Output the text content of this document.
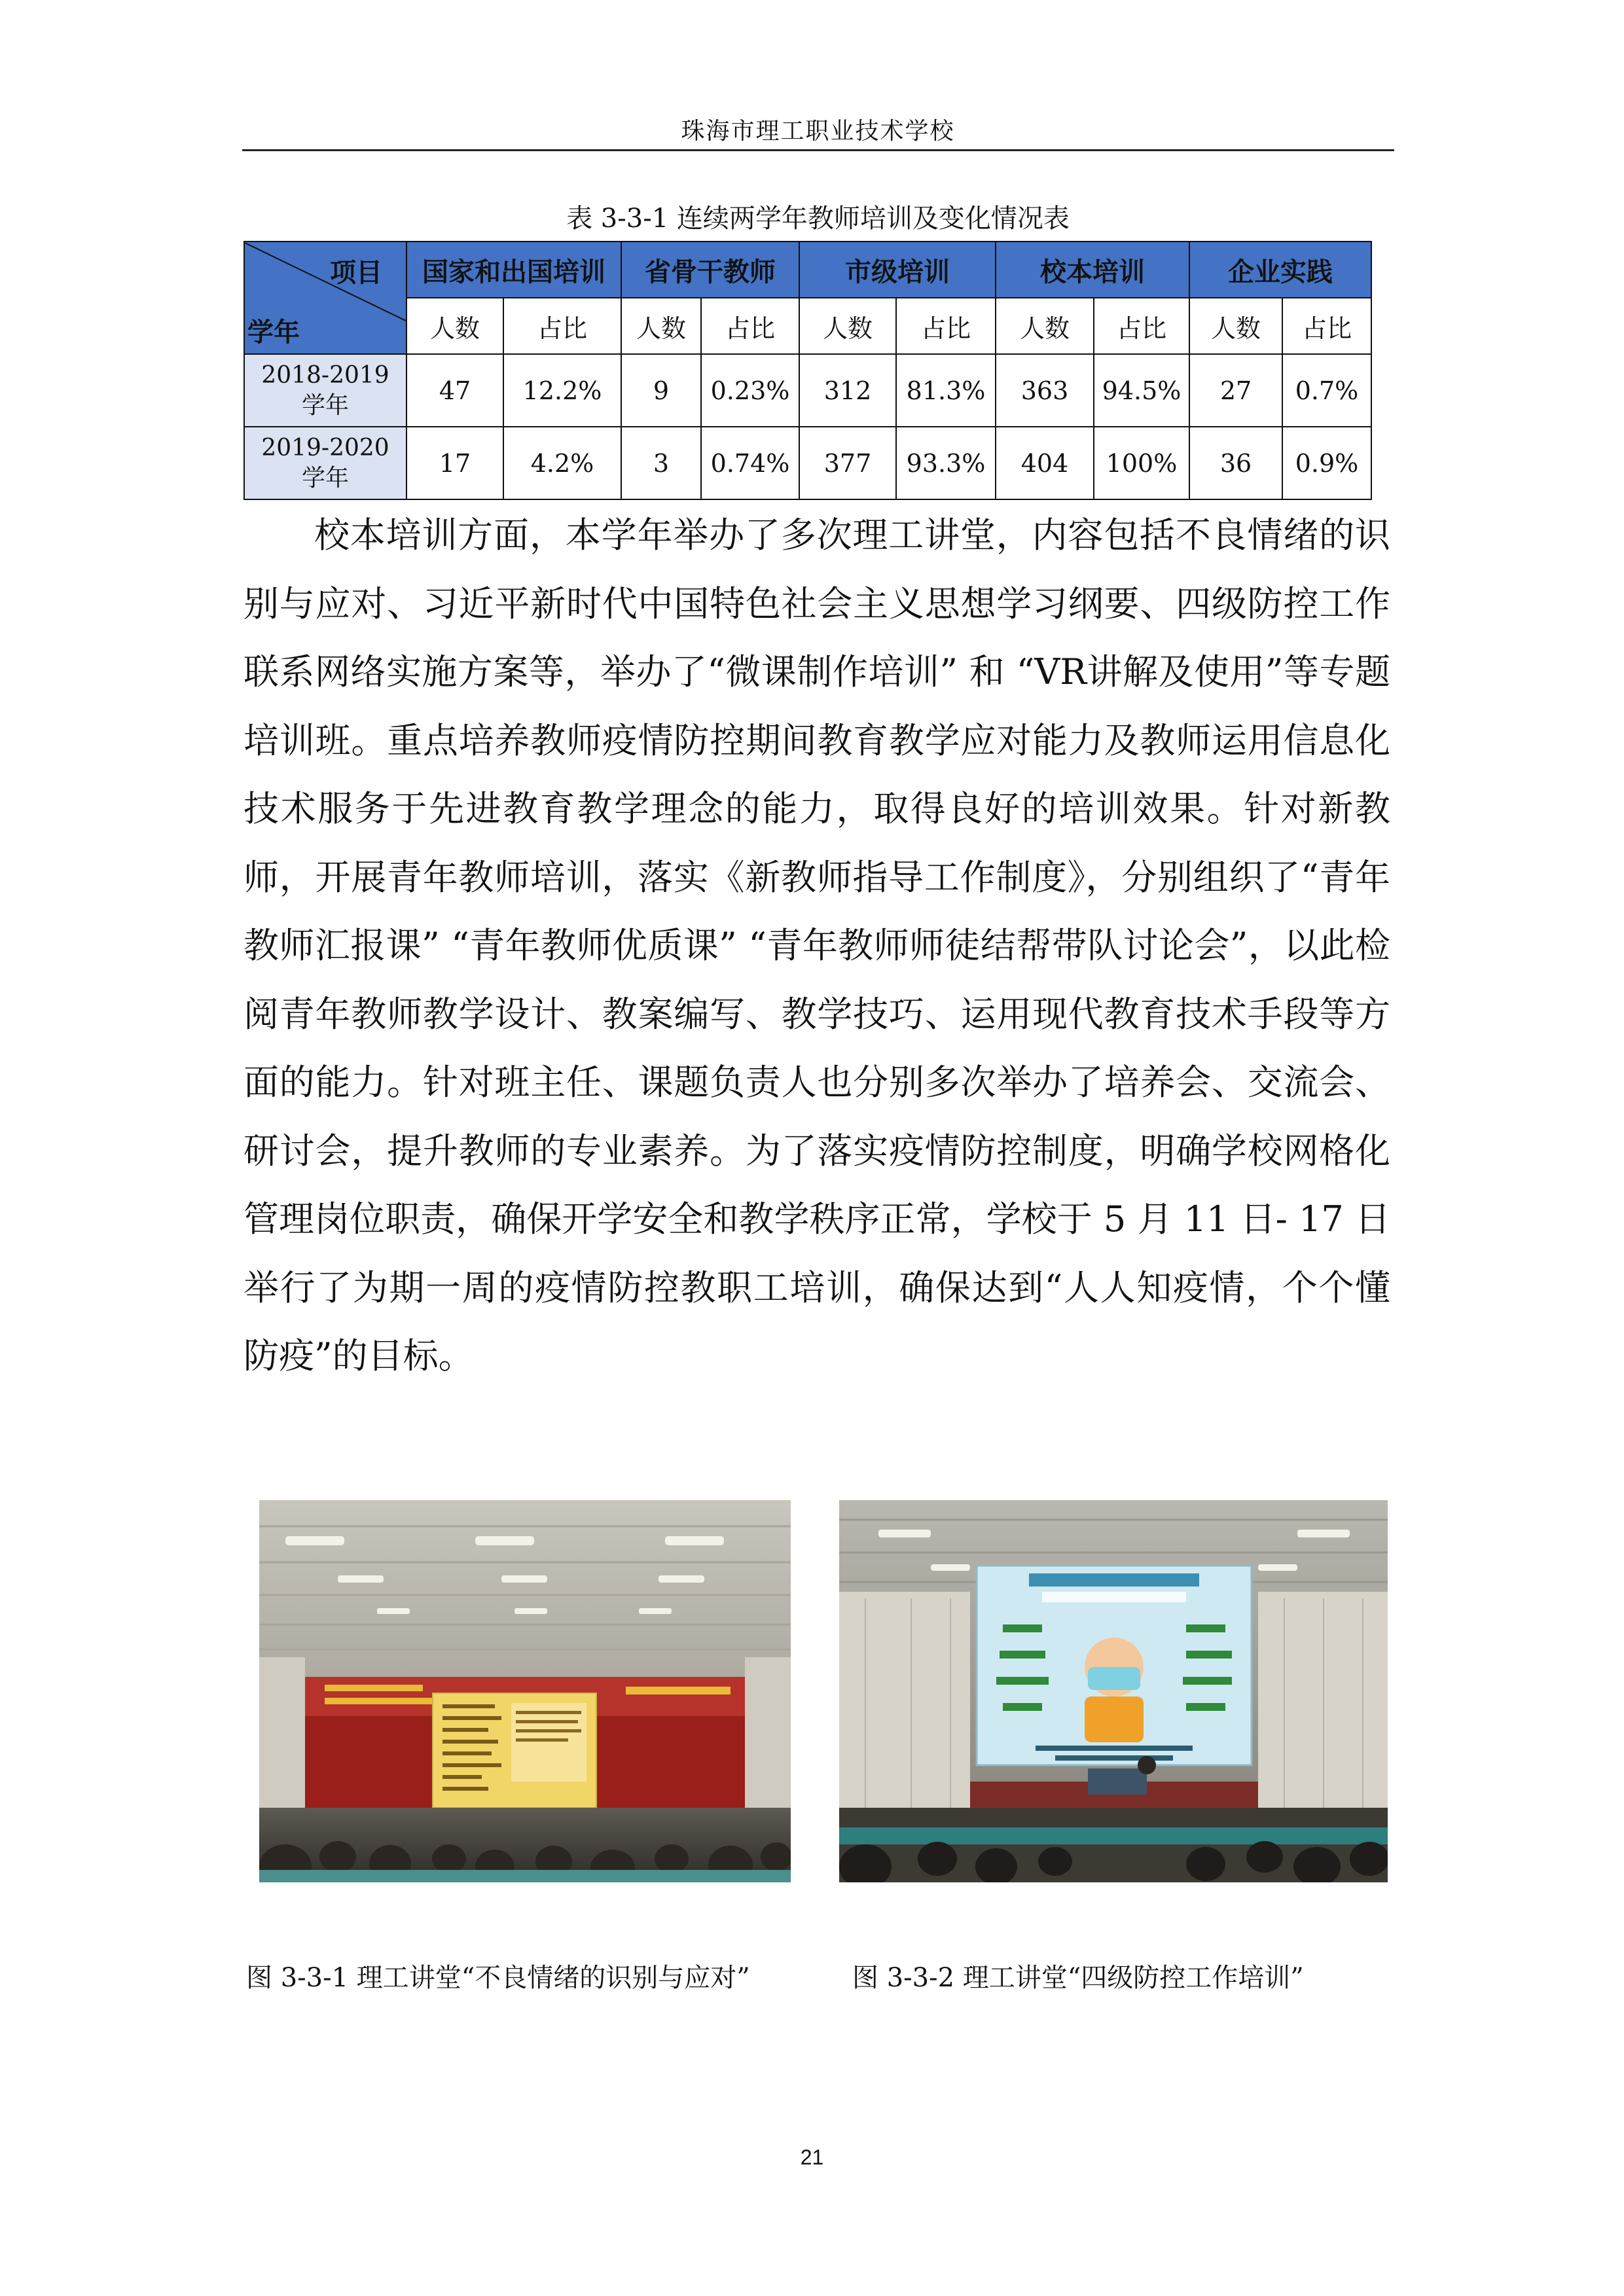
珠海市理工职业技术学校
表 3-3-1 连续两学年教师培训及变化情况表
项目
学年	国家和出国培训		省骨干教师		市级培训		校本培训		企业实践	
	人数	占比	人数	占比	人数	占比	人数	占比	人数	占比

2018-2019
学年	47	12.2%	9	0.23%	312	81.3%	363	94.5%	27	0.7%

2019-2020
学年	17	4.2%	3	0.74%	377	93.3%	404	100%	36	0.9%

校本培训方面，本学年举办了多次理工讲堂，内容包括不良情绪的识别与应对、习近平新时代中国特色社会主义思想学习纲要、四级防控工作联系网络实施方案等，举办了“微课制作培训” 和 “VR讲解及使用”等专题培训班。重点培养教师疫情防控期间教育教学应对能力及教师运用信息化技术服务于先进教育教学理念的能力，取得良好的培训效果。针对新教师，开展青年教师培训，落实《新教师指导工作制度》，分别组织了“青年教师汇报课” “青年教师优质课” “青年教师师徒结帮带队讨论会”，以此检阅青年教师教学设计、教案编写、教学技巧、运用现代教育技术手段等方面的能力。针对班主任、课题负责人也分别多次举办了培养会、交流会、研讨会，提升教师的专业素养。为了落实疫情防控制度，明确学校网格化管理岗位职责，确保开学安全和教学秩序正常，学校于 5 月 11 日- 17 日举行了为期一周的疫情防控教职工培训，确保达到“人人知疫情，个个懂防疫”的目标。

图 3-3-1 理工讲堂“不良情绪的识别与应对”	图 3-3-2 理工讲堂“四级防控工作培训”
21
